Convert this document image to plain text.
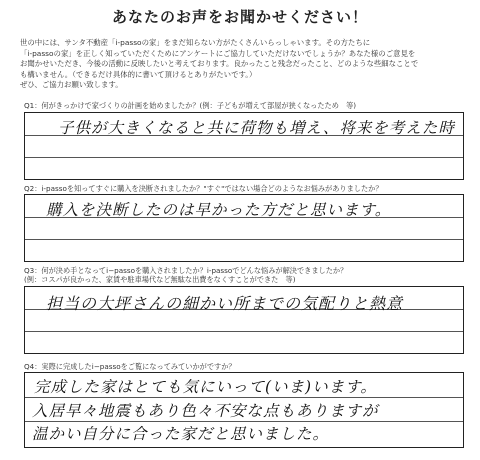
あなたのお声をお聞かせください！
世の中には、サンタ不動産「i-passoの家」をまだ知らない方がたくさんいらっしゃいます。その方たちに
「i-passoの家」を正しく知っていただくためにアンケートにご協力していただけないでしょうか？あなた様のご意見を
お聞かせいただき、今後の活動に反映したいと考えております。良かったこと残念だったこと、どのような些細なことで
も構いません。（できるだけ具体的に書いて頂けるとありがたいです。）
ぜひ、ご協力お願い致します。
Q1：何がきっかけで家づくりの計画を始めましたか？(例：子どもが増えて部屋が狭くなったため　等)
子供が大きくなると共に荷物も増え、将来を考えた時
Q2：i-passoを知ってすぐに購入を決断されましたか？"すぐ"ではない場合どのようなお悩みがありましたか？
購入を決断したのは早かった方だと思います。
Q3：何が決め手となってi−passoを購入されましたか？i-passoでどんな悩みが解決できましたか？
(例：コスパが良かった、家賃や駐車場代など無駄な出費をなくすことができた　等)
担当の大坪さんの細かい所までの気配りと熱意
Q4：実際に完成したi−passoをご覧になってみていかがですか？
完成した家はとても気にいって(いま)います。
入居早々地震もあり色々不安な点もありますが
温かい自分に合った家だと思いました。
